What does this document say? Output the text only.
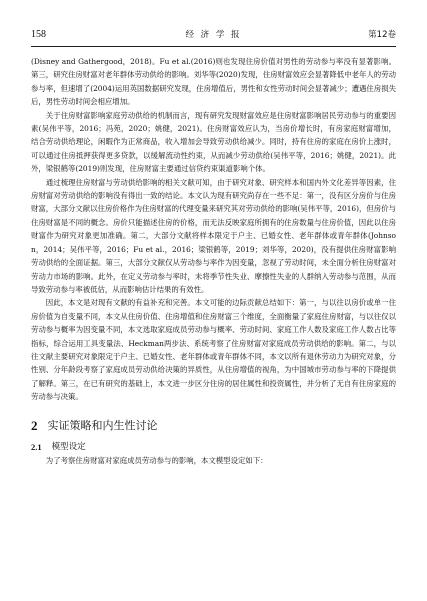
158	经 济 学 报	第12卷

(Disney and Gathergood，2018)。Fu et al.(2016)则也发现住房价值对男性的劳动参与率没有显著影响。第三，研究住房财富对老年群体劳动供给的影响。刘华等(2020)发现，住房财富效应会显著降低中老年人的劳动参与率，但速增了(2004)运用英国数据研究发现，住房增值后，男性和女性劳动时间会显著减少；遭遇住房损失后，男性劳动时间会相应增加。

关于住房财富影响家庭劳动供给的机制而言，现有研究发现财富效应是住房财富影响居民劳动参与的重要因素(吴伟平等，2016；冯苑，2020；姚健，2021)。住房财富效应认为，当房价增长时，有房家庭财富增加，结合劳动供给理论，闲暇作为正常商品，收入增加会导致劳动供给减少。同时，持有住房的家庭在房价上涨时，可以通过住房抵押获得更多贷款，以缓解流动性约束，从而减少劳动供给(吴伟平等，2016；姚健，2021)。此外，梁银鹤等(2019)则发现，住房财富主要通过信贷约束渠道影响个体。

通过梳理住房财富与劳动供给影响的相关文献可知，由于研究对象、研究样本和国内外文化差异等因素，住房财富对劳动供给的影响没有得出一致的结论。本文认为现有研究尚存在一些不足：第一，没有区分房价与住房财富，大部分文献以住房价格作为住房财富的代理变量来研究其对劳动供给的影响(吴伟平等，2016)，但房价与住房财富是不同的概念。房价只能描述住房的价格，而无法反映家庭所拥有的住房数量与住房价值，因此以住房财富作为研究对象更加准确。第二，大部分文献将样本限定于户主、已婚女性、老年群体或青年群体(Johnson，2014；吴伟平等，2016；Fu et al.，2016；梁银鹤等，2019；刘华等，2020)，没有提供住房财富影响劳动供给的全面证据。第三，大部分文献仅从劳动参与率作为因变量，忽视了劳动时间，未全面分析住房财富对劳动力市场的影响。此外，在定义劳动参与率时，未将季节性失业、摩擦性失业的人群纳入劳动参与范围，从而导致劳动参与率被低估，从而影响估计结果的有效性。

因此，本文是对现有文献的有益补充和完善。本文可能的边际贡献总结如下：第一，与以往以房价或单一住房价值为自变量不同，本文从住房价值、住房增值和住房财富三个维度，全面衡量了家庭住房财富，与以往仅以劳动参与概率为因变量不同，本文选取家庭成员劳动参与概率、劳动时间、家庭工作人数及家庭工作人数占比等指标，综合运用工具变量法、Heckman两步法、系统考察了住房财富对家庭成员劳动供给的影响。第二，与以往文献主要研究对象限定于户主、已婚女性、老年群体或青年群体不同，本文以所有退休劳动力为研究对象，分性别、分年龄段考察了家庭成员劳动供给决策的异质性，从住房增值的视角，为中国城市劳动参与率的下降提供了解释。第三，在已有研究的基础上，本文进一步区分住房的居住属性和投资属性，并分析了无自有住房家庭的劳动参与决策。

2 实证策略和内生性讨论
2.1 模型设定

为了考察住房财富对家庭成员劳动参与的影响，本文模型设定如下：
